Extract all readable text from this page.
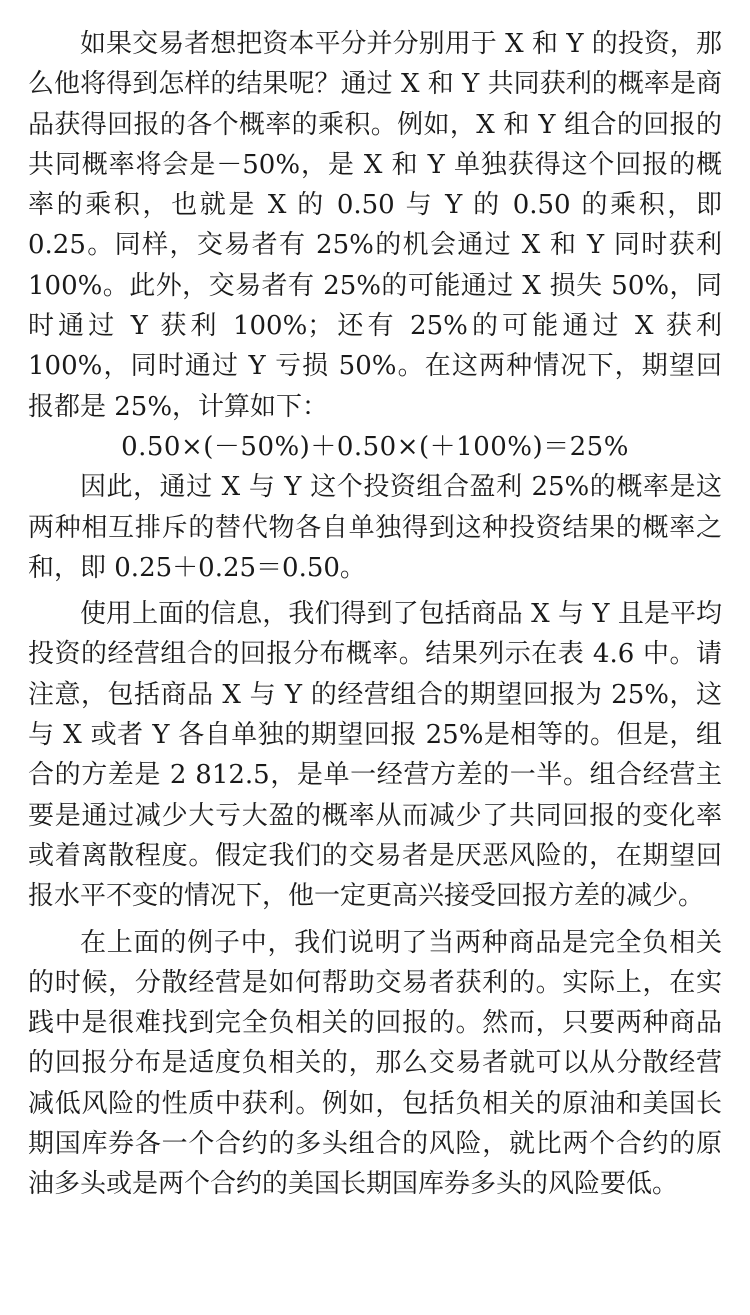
如果交易者想把资本平分并分别用于 X 和 Y 的投资，那么他将得到怎样的结果呢？通过 X 和 Y 共同获利的概率是商品获得回报的各个概率的乘积。例如，X 和 Y 组合的回报的共同概率将会是－50%，是 X 和 Y 单独获得这个回报的概率的乘积，也就是 X 的 0.50 与 Y 的 0.50 的乘积，即 0.25。同样，交易者有 25%的机会通过 X 和 Y 同时获利 100%。此外，交易者有 25%的可能通过 X 损失 50%，同时通过 Y 获利 100%；还有 25%的可能通过 X 获利 100%，同时通过 Y 亏损 50%。在这两种情况下，期望回报都是 25%，计算如下：

0.50×(－50%)＋0.50×(＋100%)＝25%

因此，通过 X 与 Y 这个投资组合盈利 25%的概率是这两种相互排斥的替代物各自单独得到这种投资结果的概率之和，即 0.25＋0.25＝0.50。

使用上面的信息，我们得到了包括商品 X 与 Y 且是平均投资的经营组合的回报分布概率。结果列示在表 4.6 中。请注意，包括商品 X 与 Y 的经营组合的期望回报为 25%，这与 X 或者 Y 各自单独的期望回报 25%是相等的。但是，组合的方差是 2 812.5，是单一经营方差的一半。组合经营主要是通过减少大亏大盈的概率从而减少了共同回报的变化率或着离散程度。假定我们的交易者是厌恶风险的，在期望回报水平不变的情况下，他一定更高兴接受回报方差的减少。

在上面的例子中，我们说明了当两种商品是完全负相关的时候，分散经营是如何帮助交易者获利的。实际上，在实践中是很难找到完全负相关的回报的。然而，只要两种商品的回报分布是适度负相关的，那么交易者就可以从分散经营减低风险的性质中获利。例如，包括负相关的原油和美国长期国库券各一个合约的多头组合的风险，就比两个合约的原油多头或是两个合约的美国长期国库券多头的风险要低。
